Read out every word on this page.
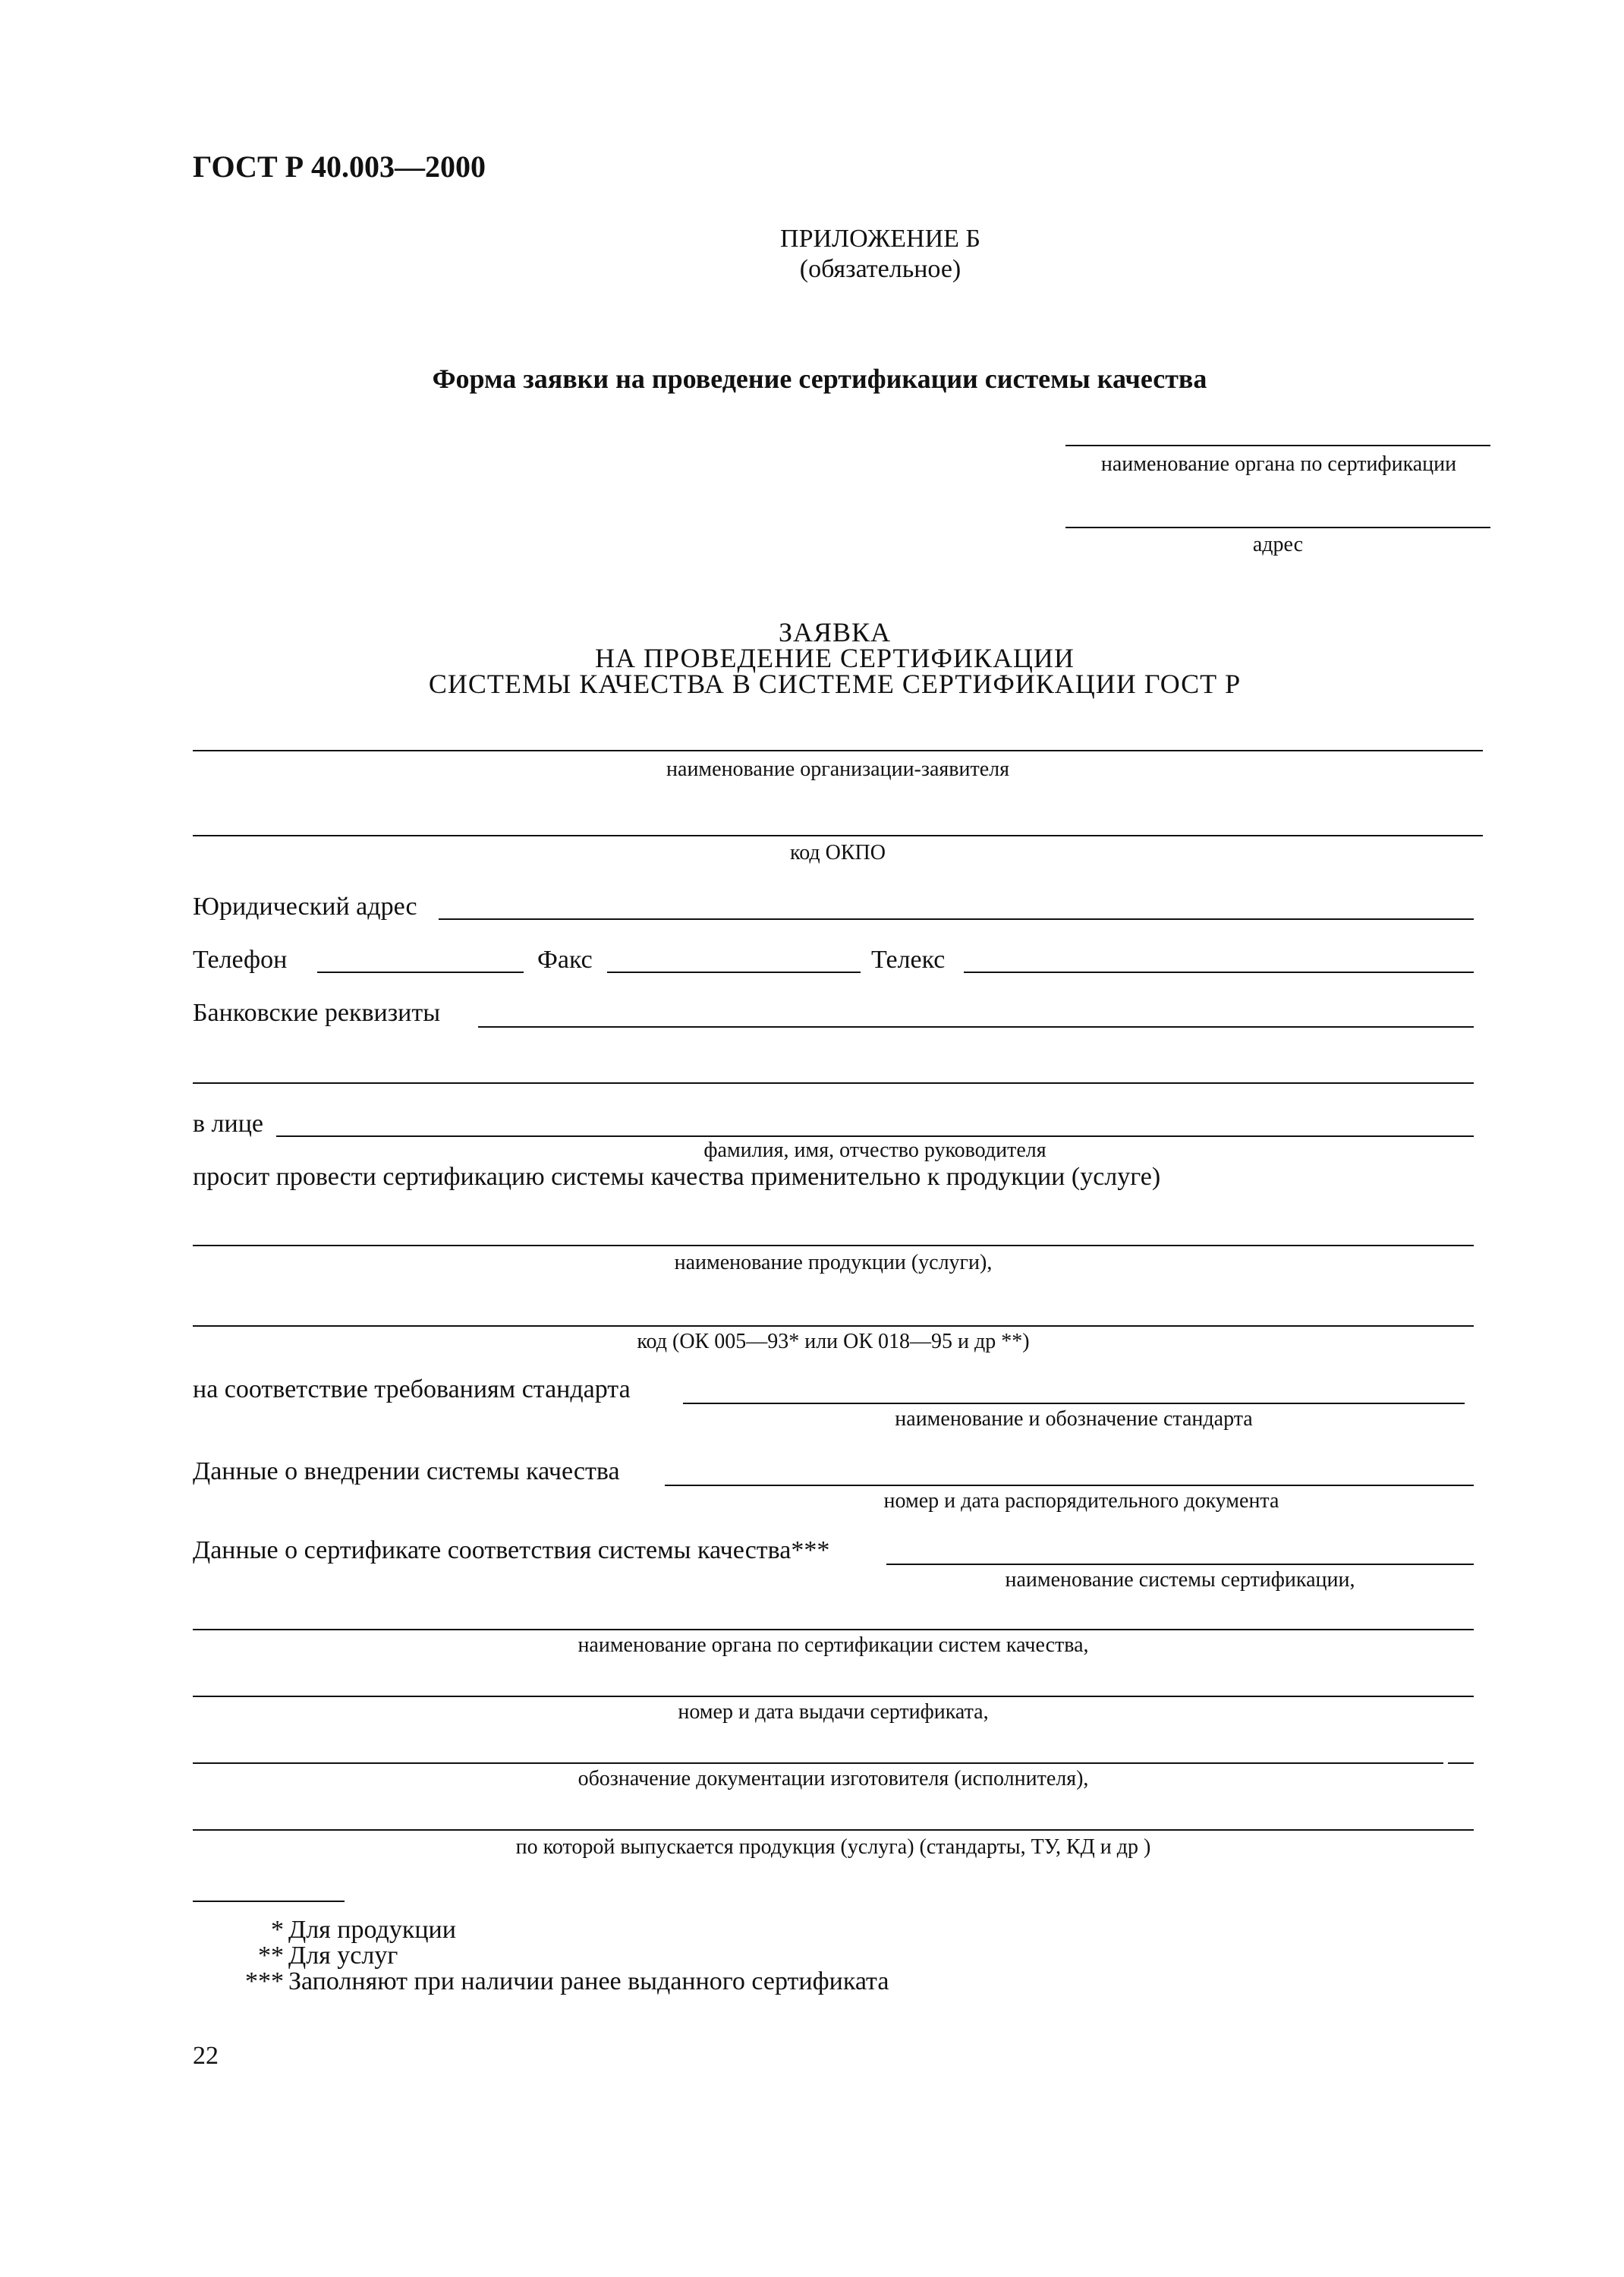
ГОСТ Р 40.003—2000
ПРИЛОЖЕНИЕ Б
(обязательное)
Форма заявки на проведение сертификации системы качества
наименование органа по сертификации
адрес
ЗАЯВКА
НА ПРОВЕДЕНИЕ СЕРТИФИКАЦИИ
СИСТЕМЫ КАЧЕСТВА В СИСТЕМЕ СЕРТИФИКАЦИИ ГОСТ Р
наименование организации-заявителя
код ОКПО
Юридический адрес
Телефон	Факс	Телекс
Банковские реквизиты
в лице
фамилия, имя, отчество руководителя
просит провести сертификацию системы качества применительно к продукции (услуге)
наименование продукции (услуги),
код (ОК 005—93* или ОК 018—95 и др **)
на соответствие требованиям стандарта
наименование и обозначение стандарта
Данные о внедрении системы качества
номер и дата распорядительного документа
Данные о сертификате соответствия системы качества***
наименование системы сертификации,
наименование органа по сертификации систем качества,
номер и дата выдачи сертификата,
обозначение документации изготовителя (исполнителя),
по которой выпускается продукция (услуга) (стандарты, ТУ, КД и др )
* Для продукции
** Для услуг
*** Заполняют при наличии ранее выданного сертификата
22
